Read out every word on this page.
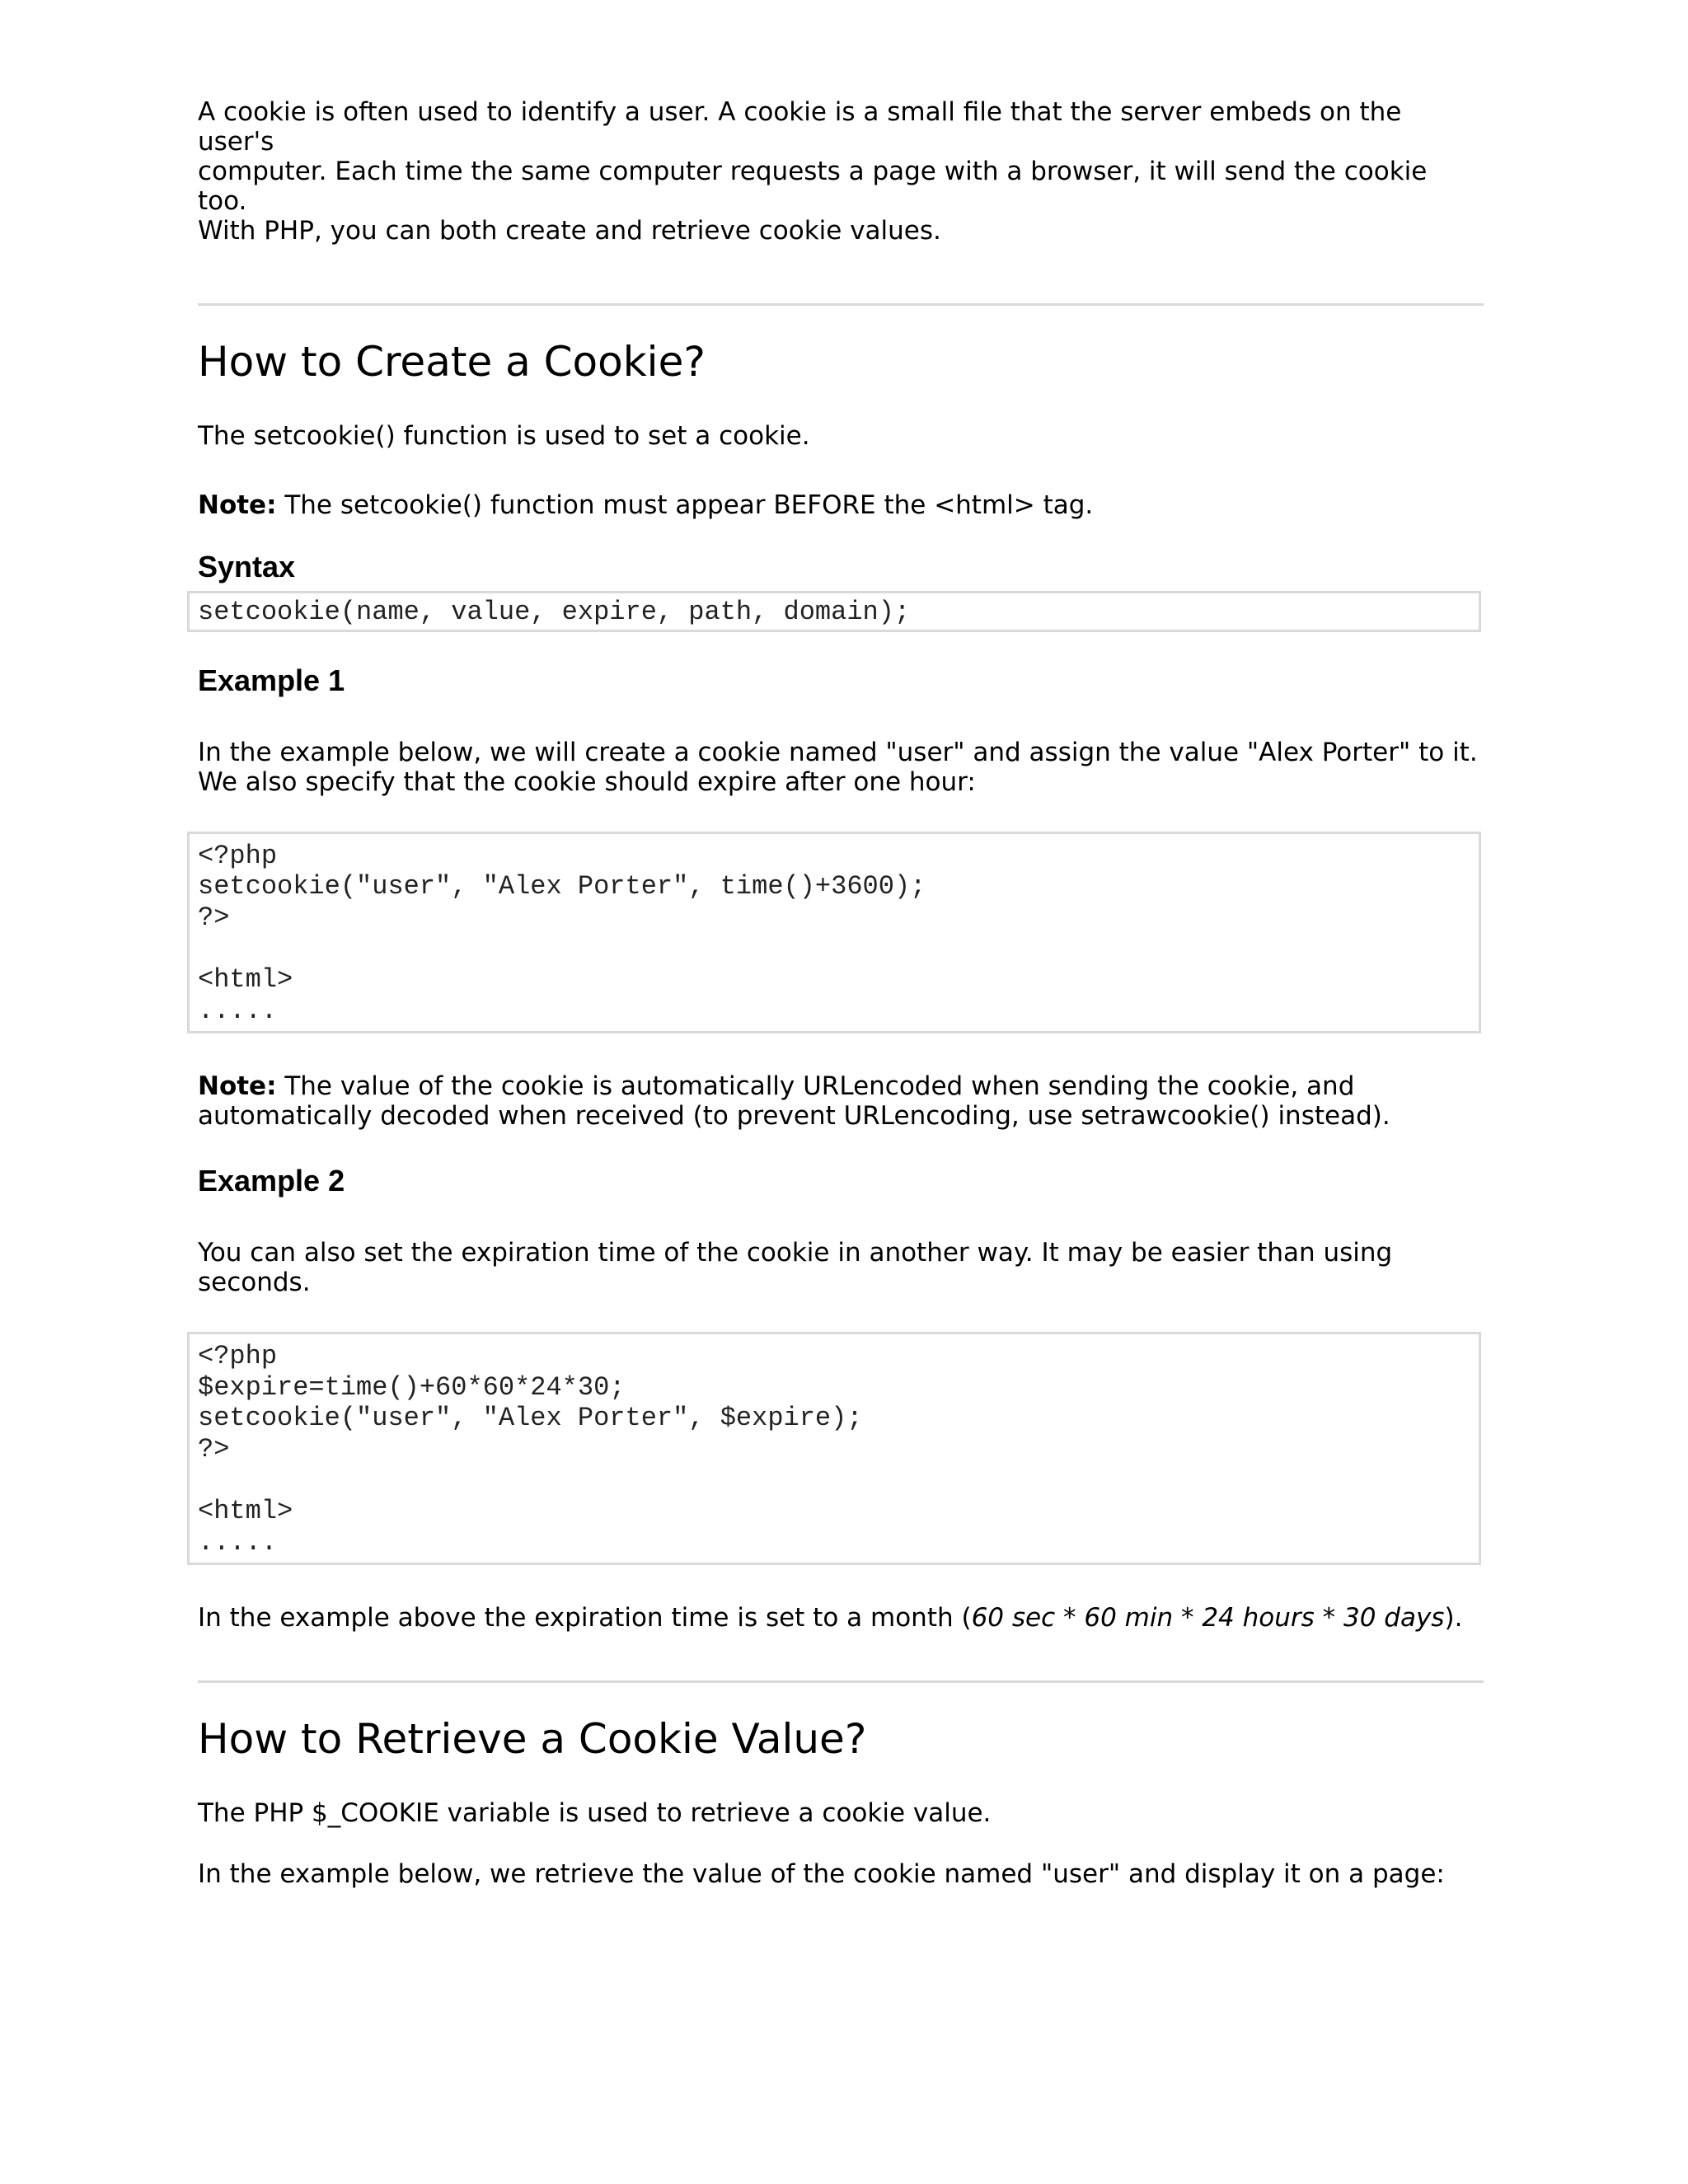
A cookie is often used to identify a user. A cookie is a small file that the server embeds on the user's

computer. Each time the same computer requests a page with a browser, it will send the cookie too.

With PHP, you can both create and retrieve cookie values.

How to Create a Cookie?

The setcookie() function is used to set a cookie.

Note: The setcookie() function must appear BEFORE the <html> tag.

Syntax
setcookie(name, value, expire, path, domain);
Example 1

In the example below, we will create a cookie named "user" and assign the value "Alex Porter" to it.

We also specify that the cookie should expire after one hour:

<?php
setcookie("user", "Alex Porter", time()+3600);
?>
<html>
.....

Note: The value of the cookie is automatically URLencoded when sending the cookie, and

automatically decoded when received (to prevent URLencoding, use setrawcookie() instead).

Example 2

You can also set the expiration time of the cookie in another way. It may be easier than using

seconds.

<?php
$expire=time()+60*60*24*30;
setcookie("user", "Alex Porter", $expire);
?>
<html>
.....

In the example above the expiration time is set to a month (60 sec * 60 min * 24 hours * 30 days).

How to Retrieve a Cookie Value?

The PHP $_COOKIE variable is used to retrieve a cookie value.

In the example below, we retrieve the value of the cookie named "user" and display it on a page:
